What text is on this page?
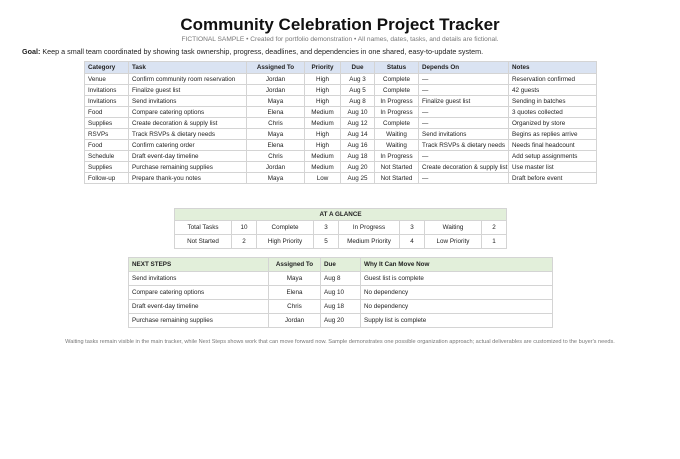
Community Celebration Project Tracker
FICTIONAL SAMPLE • Created for portfolio demonstration • All names, dates, tasks, and details are fictional.
Goal: Keep a small team coordinated by showing task ownership, progress, deadlines, and dependencies in one shared, easy-to-update system.
Category	Task	Assigned To	Priority	Due	Status	Depends On	Notes
Venue	Confirm community room reservation	Jordan	High	Aug 3	Complete	—	Reservation confirmed
Invitations	Finalize guest list	Jordan	High	Aug 5	Complete	—	42 guests
Invitations	Send invitations	Maya	High	Aug 8	In Progress	Finalize guest list	Sending in batches
Food	Compare catering options	Elena	Medium	Aug 10	In Progress	—	3 quotes collected
Supplies	Create decoration & supply list	Chris	Medium	Aug 12	Complete	—	Organized by store
RSVPs	Track RSVPs & dietary needs	Maya	High	Aug 14	Waiting	Send invitations	Begins as replies arrive
Food	Confirm catering order	Elena	High	Aug 16	Waiting	Track RSVPs & dietary needs	Needs final headcount
Schedule	Draft event-day timeline	Chris	Medium	Aug 18	In Progress	—	Add setup assignments
Supplies	Purchase remaining supplies	Jordan	Medium	Aug 20	Not Started	Create decoration & supply list	Use master list
Follow-up	Prepare thank-you notes	Maya	Low	Aug 25	Not Started	—	Draft before event
AT A GLANCE							
Total Tasks	10	Complete	3	In Progress	3	Waiting	2
Not Started	2	High Priority	5	Medium Priority	4	Low Priority	1
NEXT STEPS	Assigned To	Due	Why It Can Move Now
Send invitations	Maya	Aug 8	Guest list is complete
Compare catering options	Elena	Aug 10	No dependency
Draft event-day timeline	Chris	Aug 18	No dependency
Purchase remaining supplies	Jordan	Aug 20	Supply list is complete
Waiting tasks remain visible in the main tracker, while Next Steps shows work that can move forward now. Sample demonstrates one possible organization approach; actual deliverables are customized to the buyer's needs.
